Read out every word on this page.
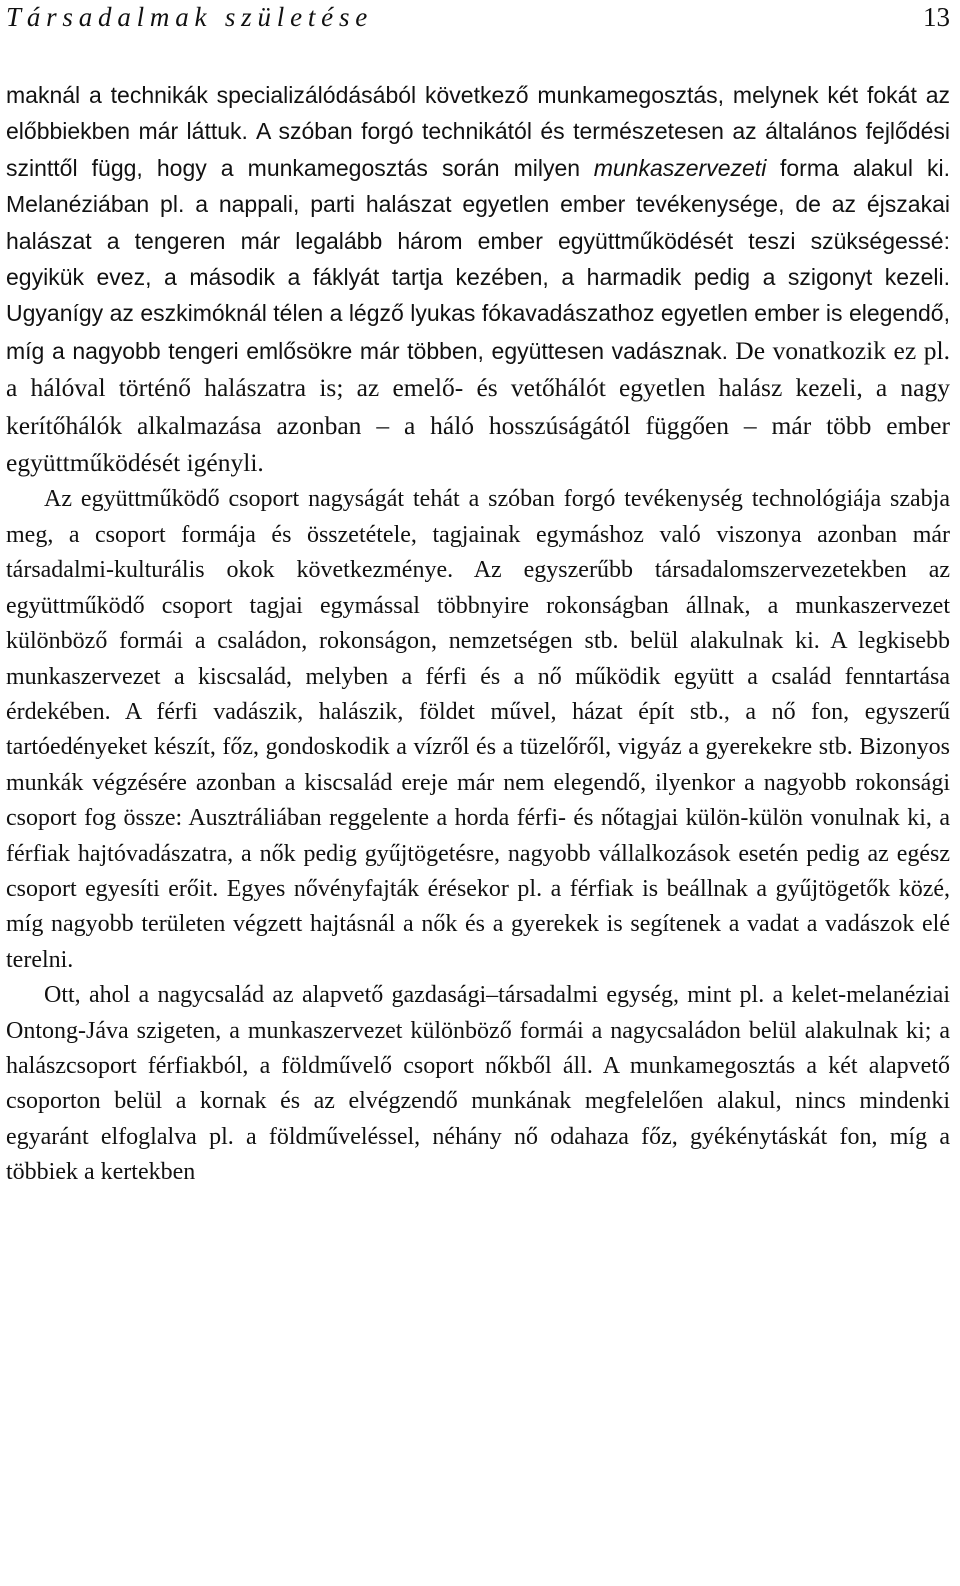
Társadalmak születése	13

maknál a technikák specializálódásából következő munkamegosztás, melynek két fokát az előbbiekben már láttuk. A szóban forgó technikától és természetesen az általános fejlődési szinttől függ, hogy a munkamegosztás során milyen munkaszervezeti forma alakul ki. Melanéziában pl. a nappali, parti halászat egyetlen ember tevékenysége, de az éjszakai halászat a tengeren már legalább három ember együttműködését teszi szükségessé: egyikük evez, a második a fáklyát tartja kezében, a harmadik pedig a szigonyt kezeli. Ugyanígy az eszkimóknál télen a légző lyukas fókavadászathoz egyetlen ember is elegendő, míg a nagyobb tengeri emlősökre már többen, együttesen vadásznak. De vonatkozik ez pl. a hálóval történő halászatra is; az emelő- és vetőhálót egyetlen halász kezeli, a nagy kerítőhálók alkalmazása azonban – a háló hosszúságától függően – már több ember együttműködését igényli.

Az együttműködő csoport nagyságát tehát a szóban forgó tevékenység technológiája szabja meg, a csoport formája és összetétele, tagjainak egymáshoz való viszonya azonban már társadalmi-kulturális okok következménye. Az egyszerűbb társadalomszervezetekben az együttműködő csoport tagjai egymással többnyire rokonságban állnak, a munkaszervezet különböző formái a családon, rokonságon, nemzetségen stb. belül alakulnak ki. A legkisebb munkaszervezet a kiscsalád, melyben a férfi és a nő működik együtt a család fenntartása érdekében. A férfi vadászik, halászik, földet művel, házat épít stb., a nő fon, egyszerű tartóedényeket készít, főz, gondoskodik a vízről és a tüzelőről, vigyáz a gyerekekre stb. Bizonyos munkák végzésére azonban a kiscsalád ereje már nem elegendő, ilyenkor a nagyobb rokonsági csoport fog össze: Ausztráliában reggelente a horda férfi- és nőtagjai külön-külön vonulnak ki, a férfiak hajtóvadászatra, a nők pedig gyűjtögetésre, nagyobb vállalkozások esetén pedig az egész csoport egyesíti erőit. Egyes nővényfajták érésekor pl. a férfiak is beállnak a gyűjtögetők közé, míg nagyobb területen végzett hajtásnál a nők és a gyerekek is segítenek a vadat a vadászok elé terelni.

Ott, ahol a nagycsalád az alapvető gazdasági–társadalmi egység, mint pl. a kelet-melanéziai Ontong-Jáva szigeten, a munkaszervezet különböző formái a nagycsaládon belül alakulnak ki; a halászcsoport férfiakból, a földművelő csoport nőkből áll. A munkamegosztás a két alapvető csoporton belül a kornak és az elvégzendő munkának megfelelően alakul, nincs mindenki egyaránt elfoglalva pl. a földműveléssel, néhány nő odahaza főz, gyékénytáskát fon, míg a többiek a kertekben
